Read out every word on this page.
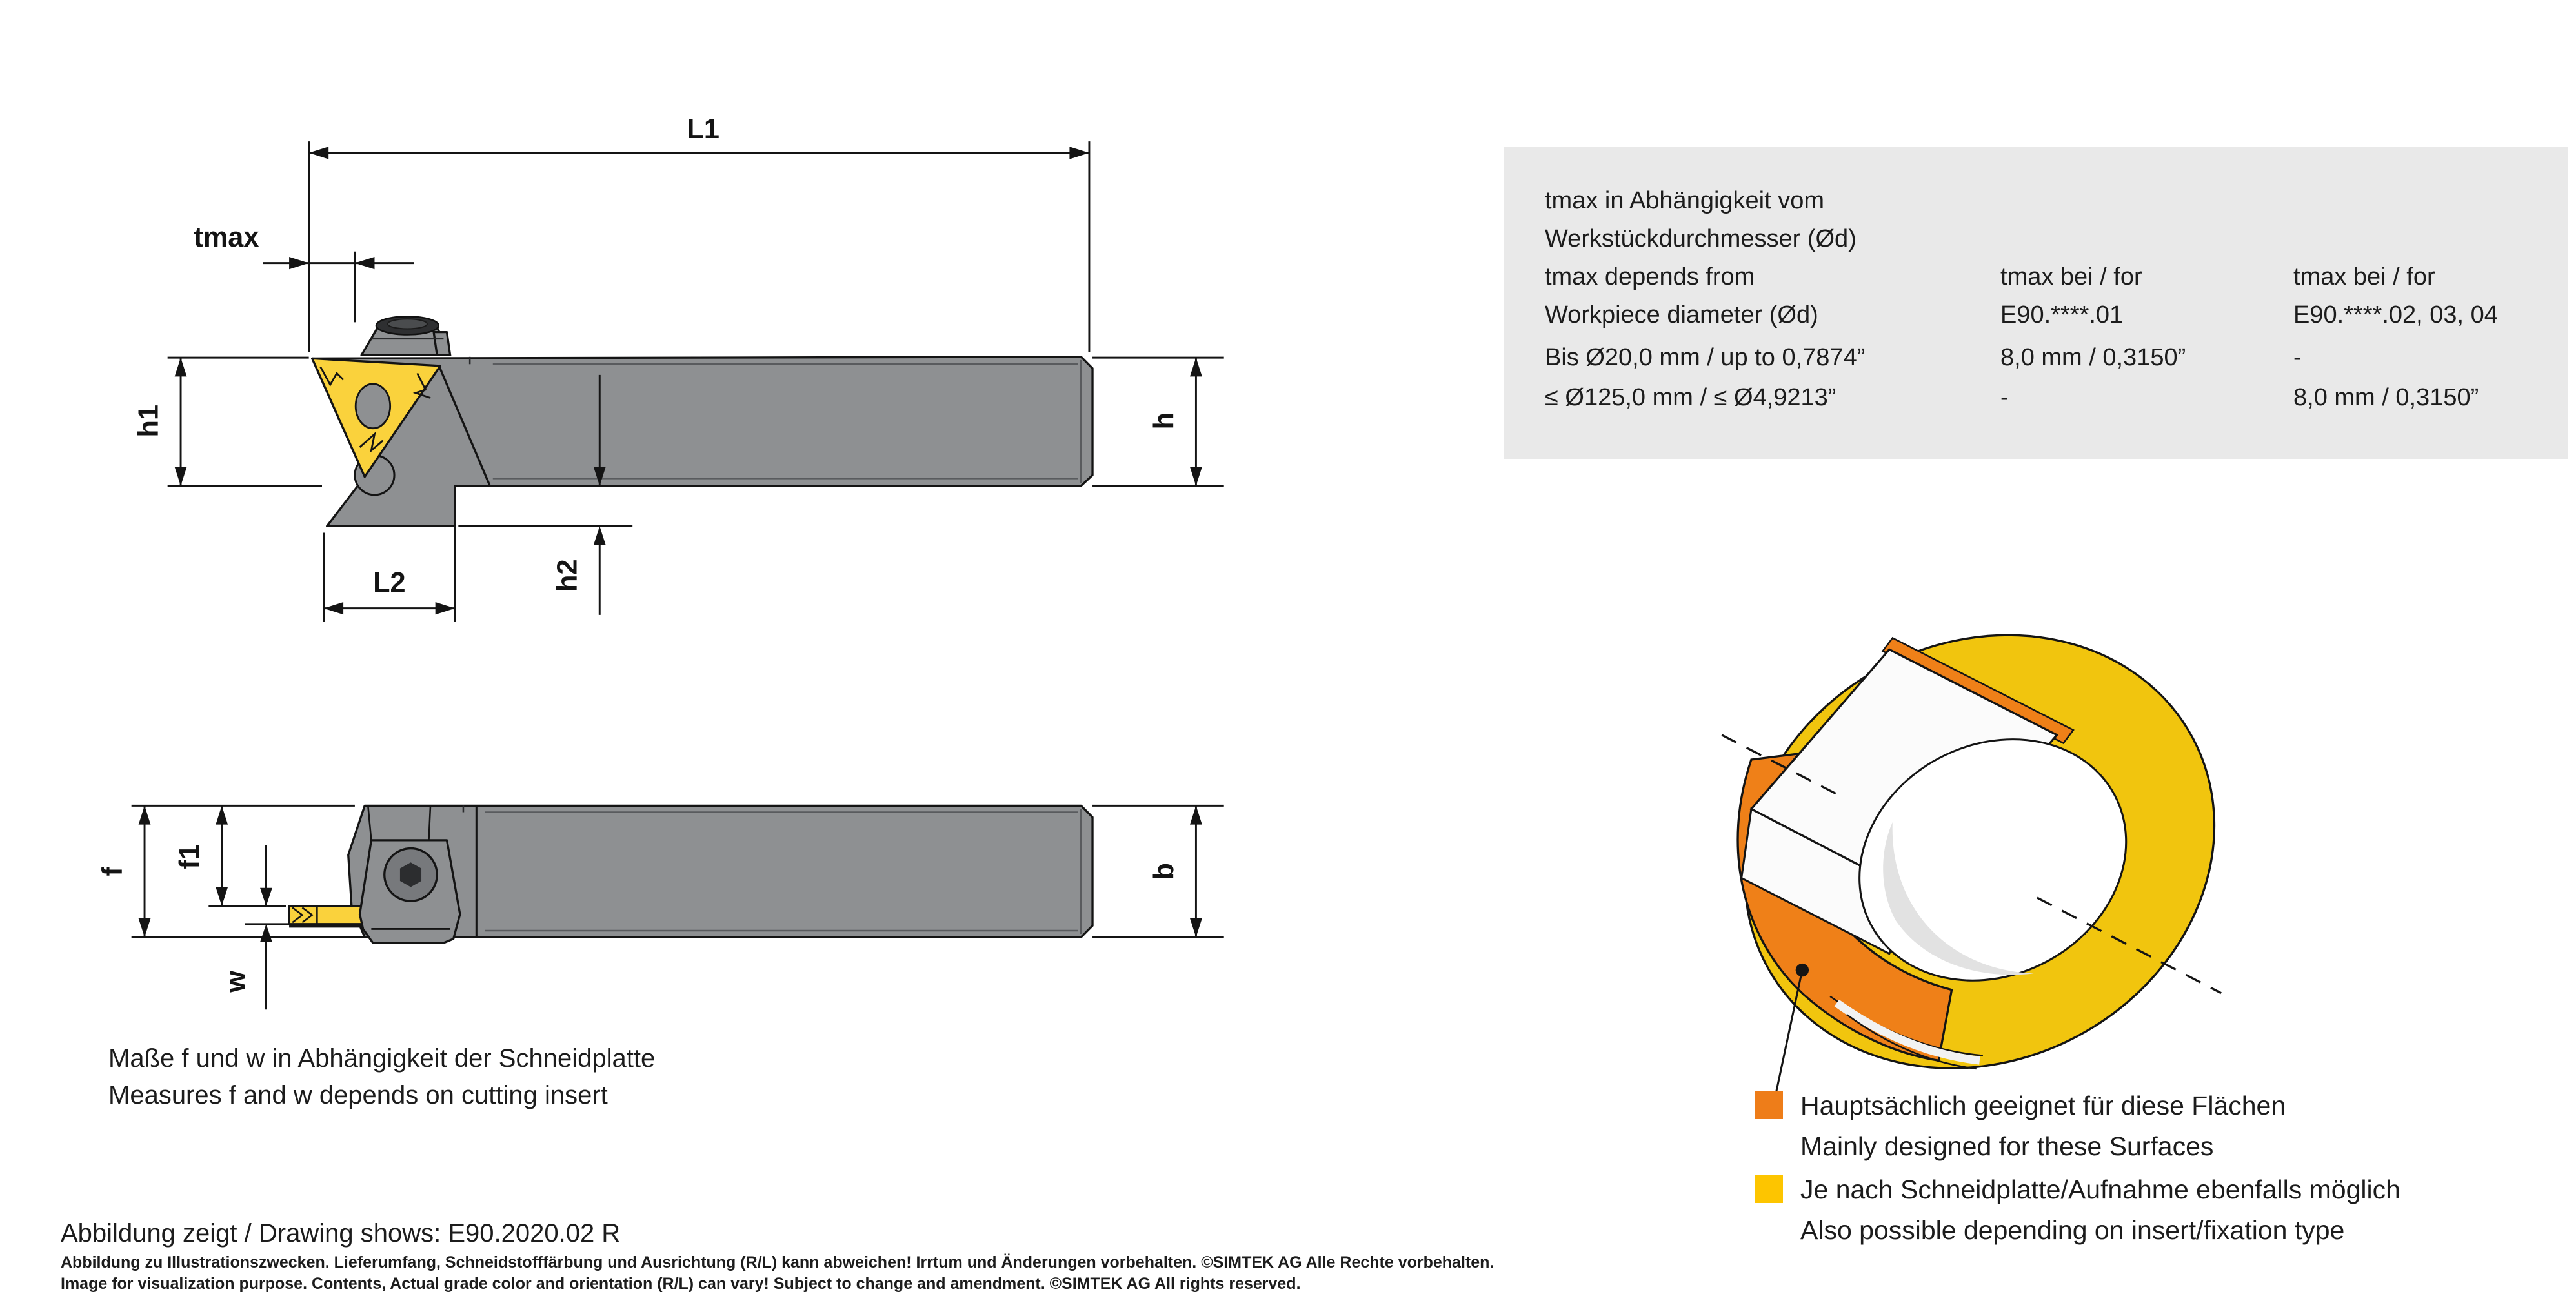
L1
tmax
h1	h
h2
L2
f
f1
w
b
tmax in Abhängigkeit vom
Werkstückdurchmesser (Ød)
tmax depends from
Workpiece diameter (Ød)
tmax bei / for
E90.****.01
tmax bei / for
E90.****.02, 03, 04
Bis Ø20,0 mm / up to 0,7874”	8,0 mm / 0,3150”	-
≤ Ø125,0 mm / ≤ Ø4,9213”	-	8,0 mm / 0,3150”
Hauptsächlich geeignet für diese Flächen
Mainly designed for these Surfaces
Je nach Schneidplatte/Aufnahme ebenfalls möglich
Also possible depending on insert/fixation type
Maße f und w in Abhängigkeit der Schneidplatte
Measures f and w depends on cutting insert
Abbildung zeigt / Drawing shows: E90.2020.02 R
Abbildung zu Illustrationszwecken. Lieferumfang, Schneidstofffärbung und Ausrichtung (R/L) kann abweichen! Irrtum und Änderungen vorbehalten. ©SIMTEK AG Alle Rechte vorbehalten.
Image for visualization purpose. Contents, Actual grade color and orientation (R/L) can vary! Subject to change and amendment. ©SIMTEK AG All rights reserved.
